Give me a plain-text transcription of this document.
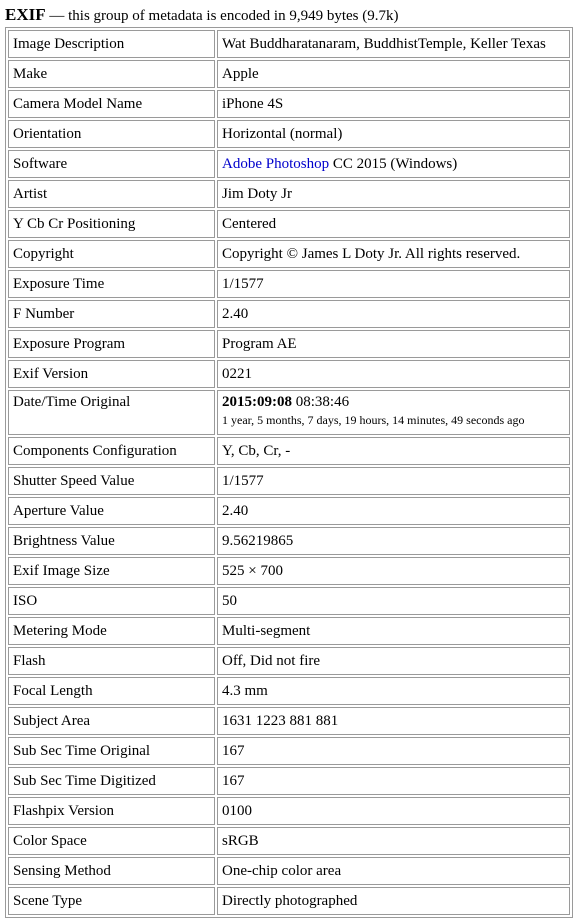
EXIF — this group of metadata is encoded in 9,949 bytes (9.7k)
Image Description	Wat Buddharatanaram, BuddhistTemple, Keller Texas
Make	Apple
Camera Model Name	iPhone 4S
Orientation	Horizontal (normal)
Software	Adobe Photoshop CC 2015 (Windows)
Artist	Jim Doty Jr
Y Cb Cr Positioning	Centered
Copyright	Copyright © James L Doty Jr. All rights reserved.
Exposure Time	1/1577
F Number	2.40
Exposure Program	Program AE
Exif Version	0221
Date/Time Original	2015:09:08 08:38:46
1 year, 5 months, 7 days, 19 hours, 14 minutes, 49 seconds ago

Components Configuration	Y, Cb, Cr, -
Shutter Speed Value	1/1577
Aperture Value	2.40
Brightness Value	9.56219865
Exif Image Size	525 × 700
ISO	50
Metering Mode	Multi-segment
Flash	Off, Did not fire
Focal Length	4.3 mm
Subject Area	1631 1223 881 881
Sub Sec Time Original	167
Sub Sec Time Digitized	167
Flashpix Version	0100
Color Space	sRGB
Sensing Method	One-chip color area
Scene Type	Directly photographed
